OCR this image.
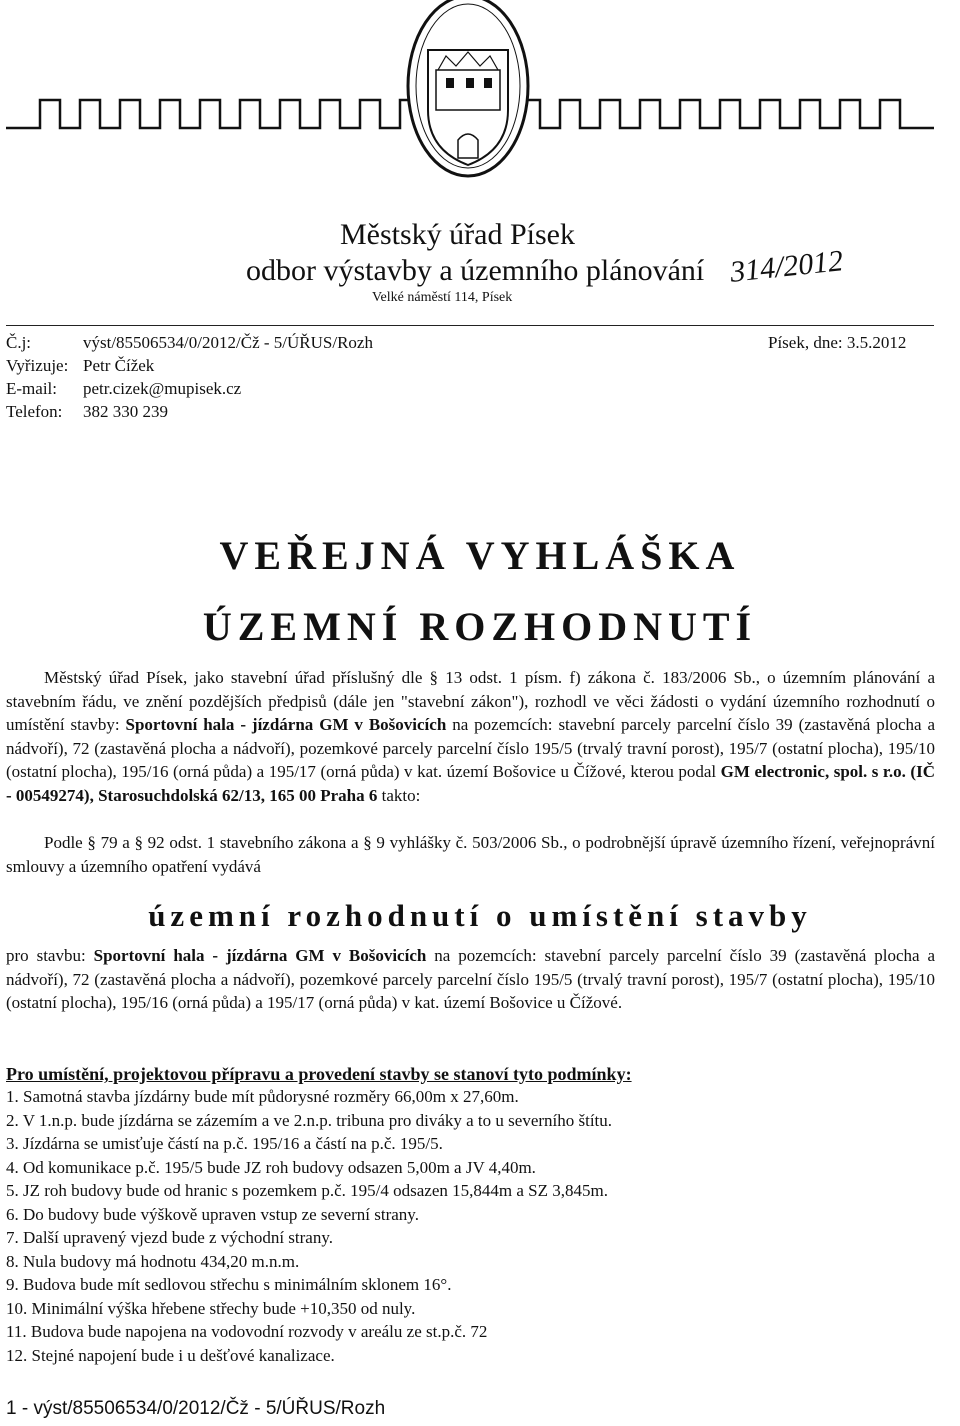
Městský úřad Písek
odbor výstavby a územního plánování
Velké náměstí 114, Písek
314/2012
Č.j:	výst/85506534/0/2012/Čž - 5/ÚŘUS/Rozh
Vyřizuje: Petr Čížek
E-mail: petr.cizek@mupisek.cz
Telefon: 382 330 239
Písek, dne: 3.5.2012
VEŘEJNÁ VYHLÁŠKA
ÚZEMNÍ ROZHODNUTÍ
Městský úřad Písek, jako stavební úřad příslušný dle § 13 odst. 1 písm. f) zákona č. 183/2006 Sb., o územním plánování a stavebním řádu, ve znění pozdějších předpisů (dále jen "stavební zákon"), rozhodl ve věci žádosti o vydání územního rozhodnutí o umístění stavby: Sportovní hala - jízdárna GM v Bošovicích na pozemcích: stavební parcely parcelní číslo 39 (zastavěná plocha a nádvoří), 72 (zastavěná plocha a nádvoří), pozemkové parcely parcelní číslo 195/5 (trvalý travní porost), 195/7 (ostatní plocha), 195/10 (ostatní plocha), 195/16 (orná půda) a 195/17 (orná půda) v kat. území Bošovice u Čížové, kterou podal GM electronic, spol. s r.o. (IČ - 00549274), Starosuchdolská 62/13, 165 00 Praha 6 takto:
Podle § 79 a § 92 odst. 1 stavebního zákona a § 9 vyhlášky č. 503/2006 Sb., o podrobnější úpravě územního řízení, veřejnoprávní smlouvy a územního opatření vydává
územní rozhodnutí o umístění stavby
pro stavbu: Sportovní hala - jízdárna GM v Bošovicích na pozemcích: stavební parcely parcelní číslo 39 (zastavěná plocha a nádvoří), 72 (zastavěná plocha a nádvoří), pozemkové parcely parcelní číslo 195/5 (trvalý travní porost), 195/7 (ostatní plocha), 195/10 (ostatní plocha), 195/16 (orná půda) a 195/17 (orná půda) v kat. území Bošovice u Čížové.
Pro umístění, projektovou přípravu a provedení stavby se stanoví tyto podmínky:
1. Samotná stavba jízdárny bude mít půdorysné rozměry 66,00m x 27,60m.
2. V 1.n.p. bude jízdárna se zázemím a ve 2.n.p. tribuna pro diváky a to u severního štítu.
3. Jízdárna se umisťuje částí na p.č. 195/16 a částí na p.č. 195/5.
4. Od komunikace p.č. 195/5 bude JZ roh budovy odsazen 5,00m a JV 4,40m.
5. JZ roh budovy bude od hranic s pozemkem p.č. 195/4 odsazen 15,844m a SZ 3,845m.
6. Do budovy bude výškově upraven vstup ze severní strany.
7. Další upravený vjezd bude z východní strany.
8. Nula budovy má hodnotu 434,20 m.n.m.
9. Budova bude mít sedlovou střechu s minimálním sklonem 16°.
10. Minimální výška hřebene střechy bude +10,350 od nuly.
11. Budova bude napojena na vodovodní rozvody v areálu ze st.p.č. 72
12. Stejné napojení bude i u dešťové kanalizace.
1 - výst/85506534/0/2012/Čž - 5/ÚŘUS/Rozh
